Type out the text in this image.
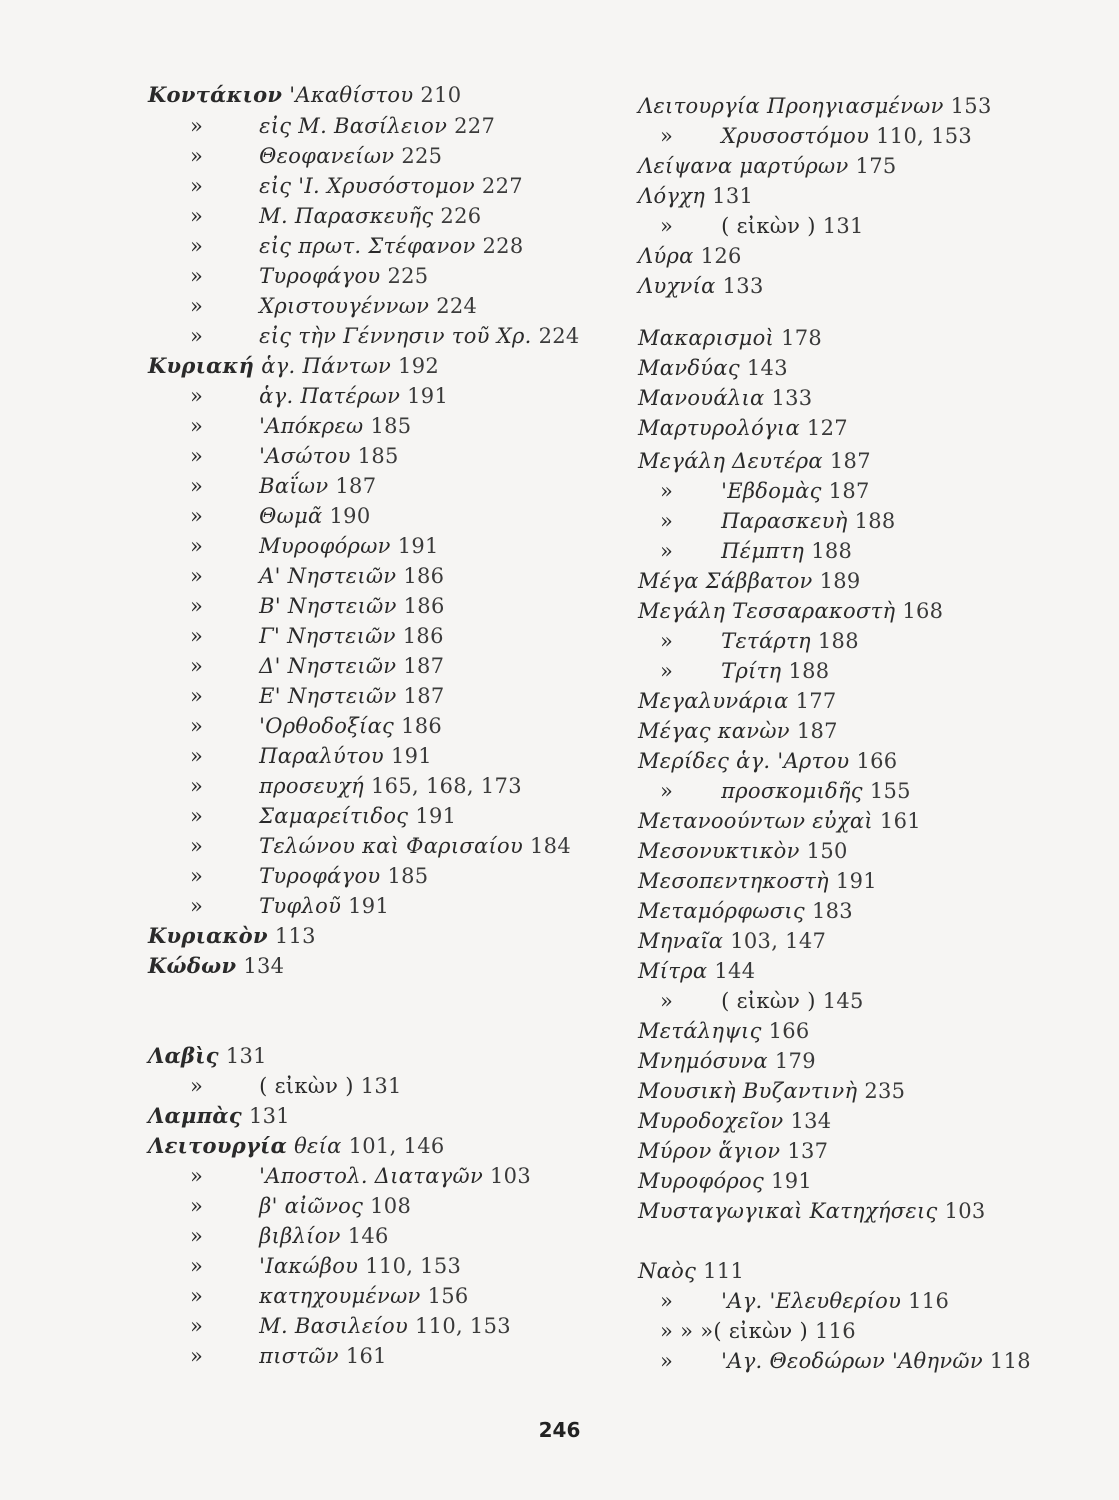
Κοντάκιον 'Ακαθίστου 210
»	εἰς Μ. Βασίλειον 227
»	Θεοφανείων 225
»	εἰς 'Ι. Χρυσόστομον 227
»	Μ. Παρασκευῆς 226
»	εἰς πρωτ. Στέφανον 228
»	Τυροφάγου 225
»	Χριστουγέννων 224
»	εἰς τὴν Γέννησιν τοῦ Χρ. 224
Κυριακή ἁγ. Πάντων 192
»	ἁγ. Πατέρων 191
»	'Απόκρεω 185
»	'Ασώτου 185
»	Βαΐων 187
»	Θωμᾶ 190
»	Μυροφόρων 191
»	Α' Νηστειῶν 186
»	Β' Νηστειῶν 186
»	Γ' Νηστειῶν 186
»	Δ' Νηστειῶν 187
»	Ε' Νηστειῶν 187
»	'Ορθοδοξίας 186
»	Παραλύτου 191
»	προσευχή 165, 168, 173
»	Σαμαρείτιδος 191
»	Τελώνου καὶ Φαρισαίου 184
»	Τυροφάγου 185
»	Τυφλοῦ 191
Κυριακὸν 113
Κώδων 134
Λαβὶς 131
»	( εἰκὼν ) 131
Λαμπὰς 131
Λειτουργία θεία 101, 146
»	'Αποστολ. Διαταγῶν 103
»	β' αἰῶνος 108
»	βιβλίον 146
»	'Ιακώβου 110, 153
»	κατηχουμένων 156
»	Μ. Βασιλείου 110, 153
»	πιστῶν 161
Λειτουργία Προηγιασμένων 153
» Χρυσοστόμου 110, 153
Λείψανα μαρτύρων 175
Λόγχη 131
» ( εἰκὼν ) 131
Λύρα 126
Λυχνία 133
Μακαρισμοὶ 178
Μανδύας 143
Μανουάλια 133
Μαρτυρολόγια 127
Μεγάλη Δευτέρα 187
» 'Εβδομὰς 187
» Παρασκευὴ 188
» Πέμπτη 188
Μέγα Σάββατον 189
Μεγάλη Τεσσαρακοστὴ 168
» Τετάρτη 188
» Τρίτη 188
Μεγαλυνάρια 177
Μέγας κανὼν 187
Μερίδες ἁγ. 'Αρτου 166
» προσκομιδῆς 155
Μετανοούντων εὐχαὶ 161
Μεσονυκτικὸν 150
Μεσοπεντηκοστὴ 191
Μεταμόρφωσις 183
Μηναῖα 103, 147
Μίτρα 144
» ( εἰκὼν ) 145
Μετάληψις 166
Μνημόσυνα 179
Μουσικὴ Βυζαντινὴ 235
Μυροδοχεῖον 134
Μύρον ἅγιον 137
Μυροφόρος 191
Μυσταγωγικαὶ Κατηχήσεις 103
Ναὸς 111
» 'Αγ. 'Ελευθερίου 116
» » »( εἰκὼν ) 116
» 'Αγ. Θεοδώρων 'Αθηνῶν 118
246
